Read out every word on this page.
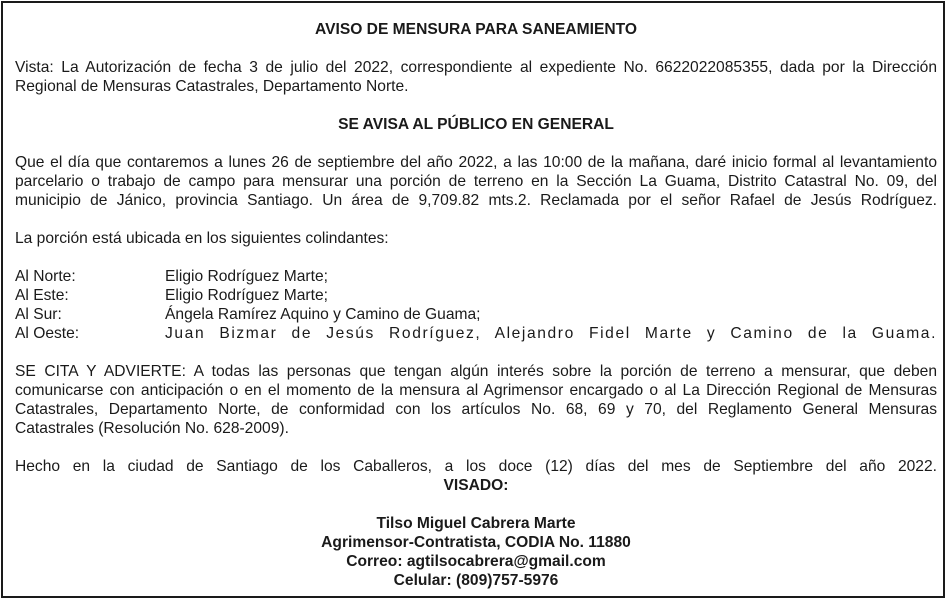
AVISO DE MENSURA PARA SANEAMIENTO

Vista: La Autorización de fecha 3 de julio del 2022, correspondiente al expediente No. 6622022085355, dada por la Dirección

Regional de Mensuras Catastrales, Departamento Norte.

SE AVISA AL PÚBLICO EN GENERAL

Que el día que contaremos a lunes 26 de septiembre del año 2022, a las 10:00 de la mañana, daré inicio formal al levantamiento

parcelario o trabajo de campo para mensurar una porción de terreno en la Sección La Guama, Distrito Catastral No. 09, del

municipio de Jánico, provincia Santiago. Un área de 9,709.82 mts.2. Reclamada por el señor Rafael de Jesús Rodríguez.

La porción está ubicada en los siguientes colindantes:

Al Norte:	Eligio Rodríguez Marte;
Al Este:	Eligio Rodríguez Marte;
Al Sur:	Ángela Ramírez Aquino y Camino de Guama;
Al Oeste:	Juan Bizmar de Jesús Rodríguez, Alejandro Fidel Marte y Camino de la Guama.

SE CITA Y ADVIERTE: A todas las personas que tengan algún interés sobre la porción de terreno a mensurar, que deben

comunicarse con anticipación o en el momento de la mensura al Agrimensor encargado o al La Dirección Regional de Mensuras

Catastrales, Departamento Norte, de conformidad con los artículos No. 68, 69 y 70, del Reglamento General Mensuras

Catastrales (Resolución No. 628-2009).

Hecho en la ciudad de Santiago de los Caballeros, a los doce (12) días del mes de Septiembre del año 2022.

VISADO:

Tilso Miguel Cabrera Marte

Agrimensor-Contratista, CODIA No. 11880

Correo: agtilsocabrera@gmail.com

Celular: (809)757-5976
